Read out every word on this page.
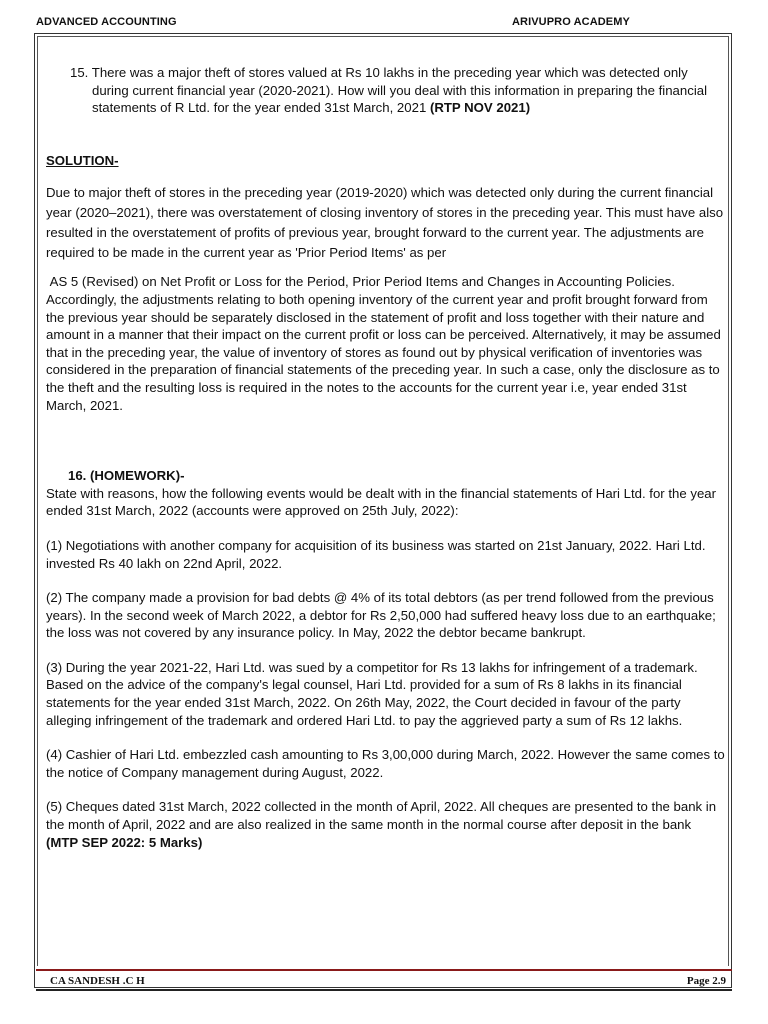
ADVANCED ACCOUNTING	ARIVUPRO ACADEMY

15. There was a major theft of stores valued at Rs 10 lakhs in the preceding year which was detected only during current financial year (2020-2021). How will you deal with this information in preparing the financial statements of R Ltd. for the year ended 31st March, 2021 (RTP NOV 2021)

SOLUTION-

Due to major theft of stores in the preceding year (2019-2020) which was detected only during the current financial year (2020–2021), there was overstatement of closing inventory of stores in the preceding year. This must have also resulted in the overstatement of profits of previous year, brought forward to the current year. The adjustments are required to be made in the current year as 'Prior Period Items' as per

AS 5 (Revised) on Net Profit or Loss for the Period, Prior Period Items and Changes in Accounting Policies. Accordingly, the adjustments relating to both opening inventory of the current year and profit brought forward from the previous year should be separately disclosed in the statement of profit and loss together with their nature and amount in a manner that their impact on the current profit or loss can be perceived. Alternatively, it may be assumed that in the preceding year, the value of inventory of stores as found out by physical verification of inventories was considered in the preparation of financial statements of the preceding year. In such a case, only the disclosure as to the theft and the resulting loss is required in the notes to the accounts for the current year i.e, year ended 31st March, 2021.

16. (HOMEWORK)-

State with reasons, how the following events would be dealt with in the financial statements of Hari Ltd. for the year ended 31st March, 2022 (accounts were approved on 25th July, 2022):

(1) Negotiations with another company for acquisition of its business was started on 21st January, 2022. Hari Ltd. invested Rs 40 lakh on 22nd April, 2022.

(2) The company made a provision for bad debts @ 4% of its total debtors (as per trend followed from the previous years). In the second week of March 2022, a debtor for Rs 2,50,000 had suffered heavy loss due to an earthquake; the loss was not covered by any insurance policy. In May, 2022 the debtor became bankrupt.

(3) During the year 2021-22, Hari Ltd. was sued by a competitor for Rs 13 lakhs for infringement of a trademark. Based on the advice of the company's legal counsel, Hari Ltd. provided for a sum of Rs 8 lakhs in its financial statements for the year ended 31st March, 2022. On 26th May, 2022, the Court decided in favour of the party alleging infringement of the trademark and ordered Hari Ltd. to pay the aggrieved party a sum of Rs 12 lakhs.

(4) Cashier of Hari Ltd. embezzled cash amounting to Rs 3,00,000 during March, 2022. However the same comes to the notice of Company management during August, 2022.

(5) Cheques dated 31st March, 2022 collected in the month of April, 2022. All cheques are presented to the bank in the month of April, 2022 and are also realized in the same month in the normal course after deposit in the bank (MTP SEP 2022: 5 Marks)

CA SANDESH .C H	Page 2.9
